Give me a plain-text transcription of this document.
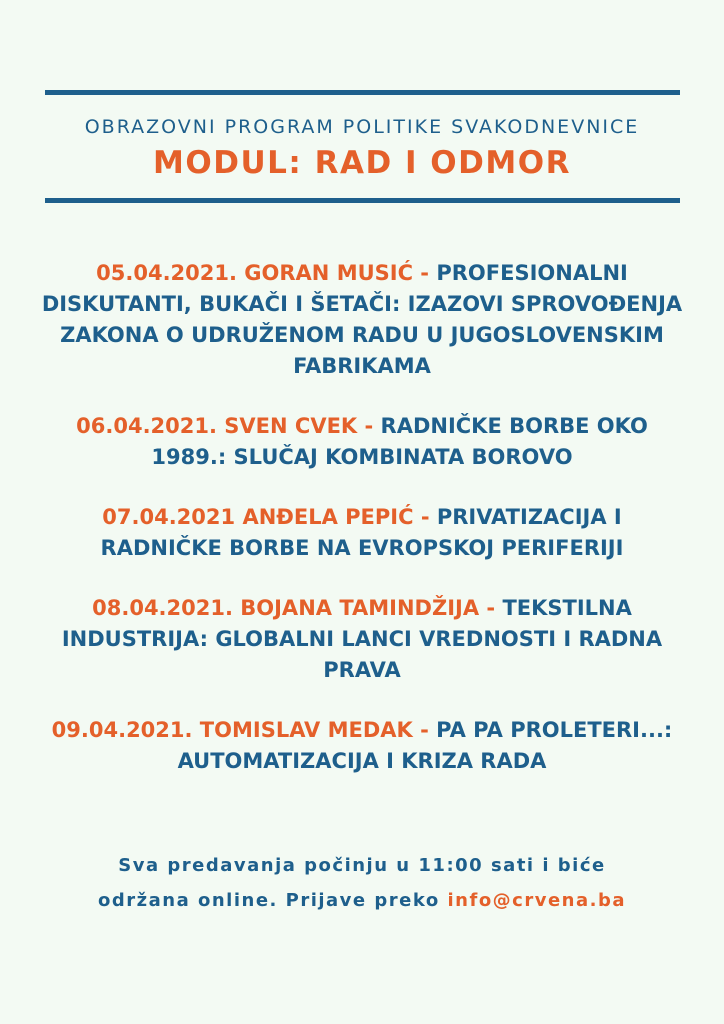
OBRAZOVNI PROGRAM POLITIKE SVAKODNEVNICE
MODUL: RAD I ODMOR

05.04.2021. GORAN MUSIĆ - PROFESIONALNI DISKUTANTI, BUKAČI I ŠETAČI: IZAZOVI SPROVOĐENJA ZAKONA O UDRUŽENOM RADU U JUGOSLOVENSKIM FABRIKAMA

06.04.2021. SVEN CVEK - RADNIČKE BORBE OKO 1989.: SLUČAJ KOMBINATA BOROVO

07.04.2021 ANĐELA PEPIĆ - PRIVATIZACIJA I RADNIČKE BORBE NA EVROPSKOJ PERIFERIJI

08.04.2021. BOJANA TAMINDŽIJA - TEKSTILNA INDUSTRIJA: GLOBALNI LANCI VREDNOSTI I RADNA PRAVA

09.04.2021. TOMISLAV MEDAK - PA PA PROLETERI...: AUTOMATIZACIJA I KRIZA RADA

Sva predavanja počinju u 11:00 sati i biće
održana online. Prijave preko info@crvena.ba
